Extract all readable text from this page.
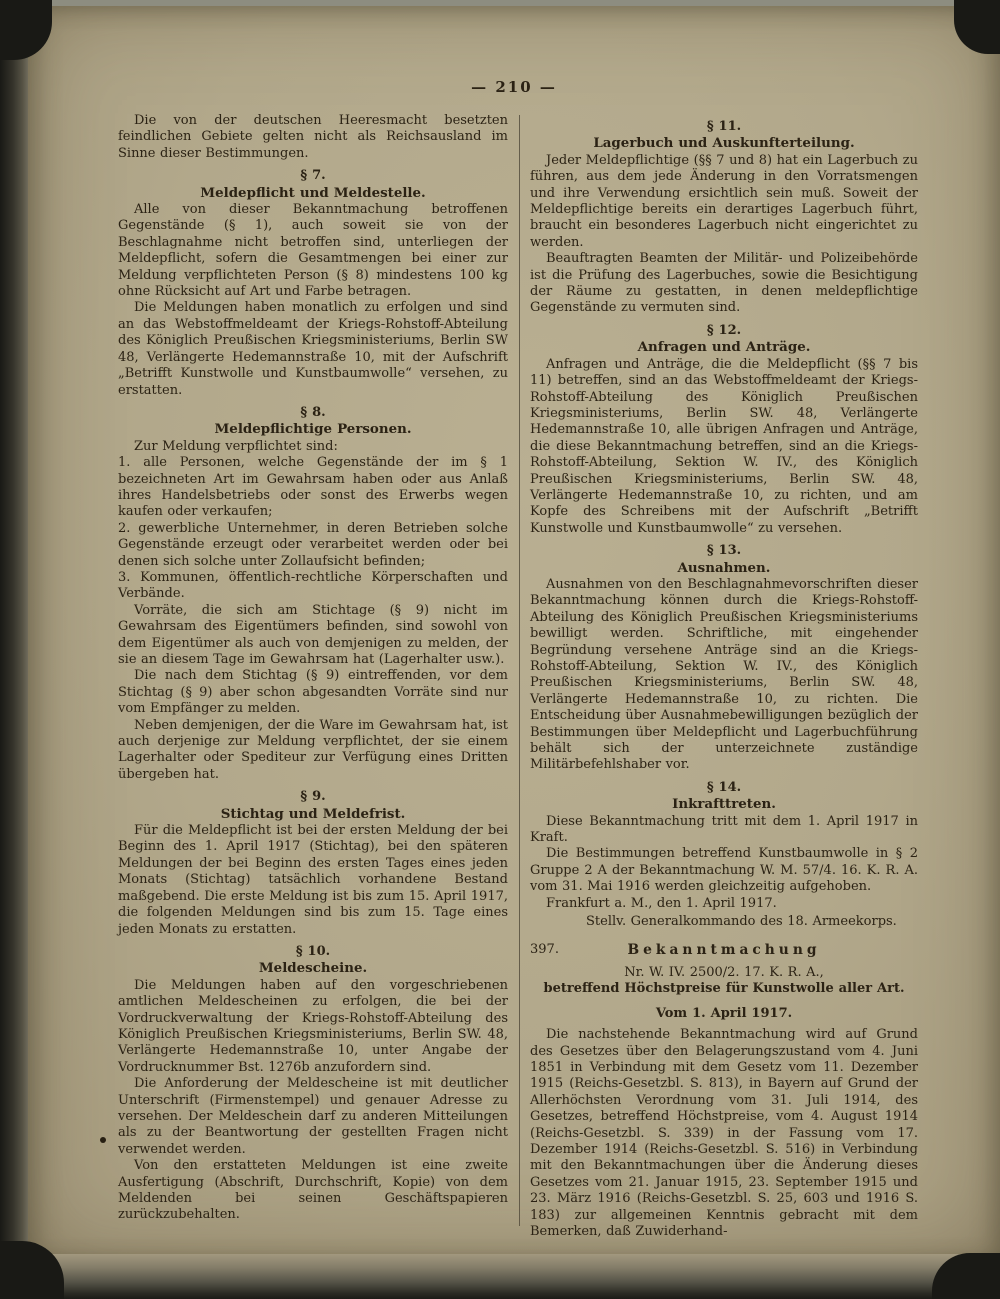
— 210 —
Die von der deutschen Heeresmacht besetzten feindlichen Gebiete gelten nicht als Reichsausland im Sinne dieser Bestimmungen.
§ 7.
Meldepflicht und Meldestelle.
Alle von dieser Bekanntmachung betroffenen Gegenstände (§ 1), auch soweit sie von der Beschlagnahme nicht betroffen sind, unterliegen der Meldepflicht, sofern die Gesamtmengen bei einer zur Meldung verpflichteten Person (§ 8) mindestens 100 kg ohne Rücksicht auf Art und Farbe betragen.
Die Meldungen haben monatlich zu erfolgen und sind an das Webstoffmeldeamt der Kriegs-Rohstoff-Abteilung des Königlich Preußischen Kriegsministeriums, Berlin SW 48, Verlängerte Hedemannstraße 10, mit der Aufschrift „Betrifft Kunstwolle und Kunstbaumwolle“ versehen, zu erstatten.
§ 8.
Meldepflichtige Personen.
Zur Meldung verpflichtet sind:
1. alle Personen, welche Gegenstände der im § 1 bezeichneten Art im Gewahrsam haben oder aus Anlaß ihres Handelsbetriebs oder sonst des Erwerbs wegen kaufen oder verkaufen;
2. gewerbliche Unternehmer, in deren Betrieben solche Gegenstände erzeugt oder verarbeitet werden oder bei denen sich solche unter Zollaufsicht befinden;
3. Kommunen, öffentlich-rechtliche Körperschaften und Verbände.
Vorräte, die sich am Stichtage (§ 9) nicht im Gewahrsam des Eigentümers befinden, sind sowohl von dem Eigentümer als auch von demjenigen zu melden, der sie an diesem Tage im Gewahrsam hat (Lagerhalter usw.).
Die nach dem Stichtag (§ 9) eintreffenden, vor dem Stichtag (§ 9) aber schon abgesandten Vorräte sind nur vom Empfänger zu melden.
Neben demjenigen, der die Ware im Gewahrsam hat, ist auch derjenige zur Meldung verpflichtet, der sie einem Lagerhalter oder Spediteur zur Verfügung eines Dritten übergeben hat.
§ 9.
Stichtag und Meldefrist.
Für die Meldepflicht ist bei der ersten Meldung der bei Beginn des 1. April 1917 (Stichtag), bei den späteren Meldungen der bei Beginn des ersten Tages eines jeden Monats (Stichtag) tatsächlich vorhandene Bestand maßgebend. Die erste Meldung ist bis zum 15. April 1917, die folgenden Meldungen sind bis zum 15. Tage eines jeden Monats zu erstatten.
§ 10.
Meldescheine.
Die Meldungen haben auf den vorgeschriebenen amtlichen Meldescheinen zu erfolgen, die bei der Vordruckverwaltung der Kriegs-Rohstoff-Abteilung des Königlich Preußischen Kriegsministeriums, Berlin SW. 48, Verlängerte Hedemannstraße 10, unter Angabe der Vordrucknummer Bst. 1276b anzufordern sind.
Die Anforderung der Meldescheine ist mit deutlicher Unterschrift (Firmenstempel) und genauer Adresse zu versehen. Der Meldeschein darf zu anderen Mitteilungen als zu der Beantwortung der gestellten Fragen nicht verwendet werden.
Von den erstatteten Meldungen ist eine zweite Ausfertigung (Abschrift, Durchschrift, Kopie) von dem Meldenden bei seinen Geschäftspapieren zurückzubehalten.
§ 11.
Lagerbuch und Auskunfterteilung.
Jeder Meldepflichtige (§§ 7 und 8) hat ein Lagerbuch zu führen, aus dem jede Änderung in den Vorratsmengen und ihre Verwendung ersichtlich sein muß. Soweit der Meldepflichtige bereits ein derartiges Lagerbuch führt, braucht ein besonderes Lagerbuch nicht eingerichtet zu werden.
Beauftragten Beamten der Militär- und Polizeibehörde ist die Prüfung des Lagerbuches, sowie die Besichtigung der Räume zu gestatten, in denen meldepflichtige Gegenstände zu vermuten sind.
§ 12.
Anfragen und Anträge.
Anfragen und Anträge, die die Meldepflicht (§§ 7 bis 11) betreffen, sind an das Webstoffmeldeamt der Kriegs-Rohstoff-Abteilung des Königlich Preußischen Kriegsministeriums, Berlin SW. 48, Verlängerte Hedemannstraße 10, alle übrigen Anfragen und Anträge, die diese Bekanntmachung betreffen, sind an die Kriegs-Rohstoff-Abteilung, Sektion W. IV., des Königlich Preußischen Kriegsministeriums, Berlin SW. 48, Verlängerte Hedemannstraße 10, zu richten, und am Kopfe des Schreibens mit der Aufschrift „Betrifft Kunstwolle und Kunstbaumwolle“ zu versehen.
§ 13.
Ausnahmen.
Ausnahmen von den Beschlagnahmevorschriften dieser Bekanntmachung können durch die Kriegs-Rohstoff-Abteilung des Königlich Preußischen Kriegsministeriums bewilligt werden. Schriftliche, mit eingehender Begründung versehene Anträge sind an die Kriegs-Rohstoff-Abteilung, Sektion W. IV., des Königlich Preußischen Kriegsministeriums, Berlin SW. 48, Verlängerte Hedemannstraße 10, zu richten. Die Entscheidung über Ausnahmebewilligungen bezüglich der Bestimmungen über Meldepflicht und Lagerbuchführung behält sich der unterzeichnete zuständige Militärbefehlshaber vor.
§ 14.
Inkrafttreten.
Diese Bekanntmachung tritt mit dem 1. April 1917 in Kraft.
Die Bestimmungen betreffend Kunstbaumwolle in § 2 Gruppe 2 A der Bekanntmachung W. M. 57/4. 16. K. R. A. vom 31. Mai 1916 werden gleichzeitig aufgehoben.
Frankfurt a. M., den 1. April 1917.
Stellv. Generalkommando des 18. Armeekorps.
397.	Bekanntmachung
Nr. W. IV. 2500/2. 17. K. R. A.,
betreffend Höchstpreise für Kunstwolle aller Art.
Vom 1. April 1917.
Die nachstehende Bekanntmachung wird auf Grund des Gesetzes über den Belagerungszustand vom 4. Juni 1851 in Verbindung mit dem Gesetz vom 11. Dezember 1915 (Reichs-Gesetzbl. S. 813), in Bayern auf Grund der Allerhöchsten Verordnung vom 31. Juli 1914, des Gesetzes, betreffend Höchstpreise, vom 4. August 1914 (Reichs-Gesetzbl. S. 339) in der Fassung vom 17. Dezember 1914 (Reichs-Gesetzbl. S. 516) in Verbindung mit den Bekanntmachungen über die Änderung dieses Gesetzes vom 21. Januar 1915, 23. September 1915 und 23. März 1916 (Reichs-Gesetzbl. S. 25, 603 und 1916 S. 183) zur allgemeinen Kenntnis gebracht mit dem Bemerken, daß Zuwiderhand-
